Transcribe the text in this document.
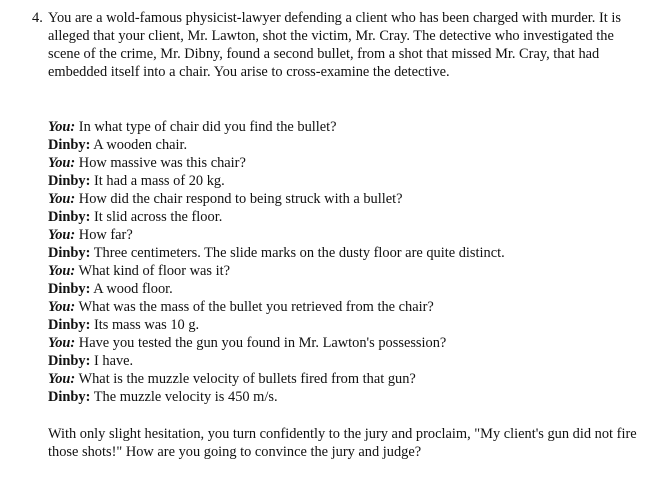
4. You are a wold-famous physicist-lawyer defending a client who has been charged with murder. It is alleged that your client, Mr. Lawton, shot the victim, Mr. Cray. The detective who investigated the scene of the crime, Mr. Dibny, found a second bullet, from a shot that missed Mr. Cray, that had embedded itself into a chair. You arise to cross-examine the detective.

You: In what type of chair did you find the bullet?

Dinby: A wooden chair.

You: How massive was this chair?

Dinby: It had a mass of 20 kg.

You: How did the chair respond to being struck with a bullet?

Dinby: It slid across the floor.

You: How far?

Dinby: Three centimeters. The slide marks on the dusty floor are quite distinct.

You: What kind of floor was it?

Dinby: A wood floor.

You: What was the mass of the bullet you retrieved from the chair?

Dinby: Its mass was 10 g.

You: Have you tested the gun you found in Mr. Lawton's possession?

Dinby: I have.

You: What is the muzzle velocity of bullets fired from that gun?

Dinby: The muzzle velocity is 450 m/s.

With only slight hesitation, you turn confidently to the jury and proclaim, "My client's gun did not fire those shots!" How are you going to convince the jury and judge?
